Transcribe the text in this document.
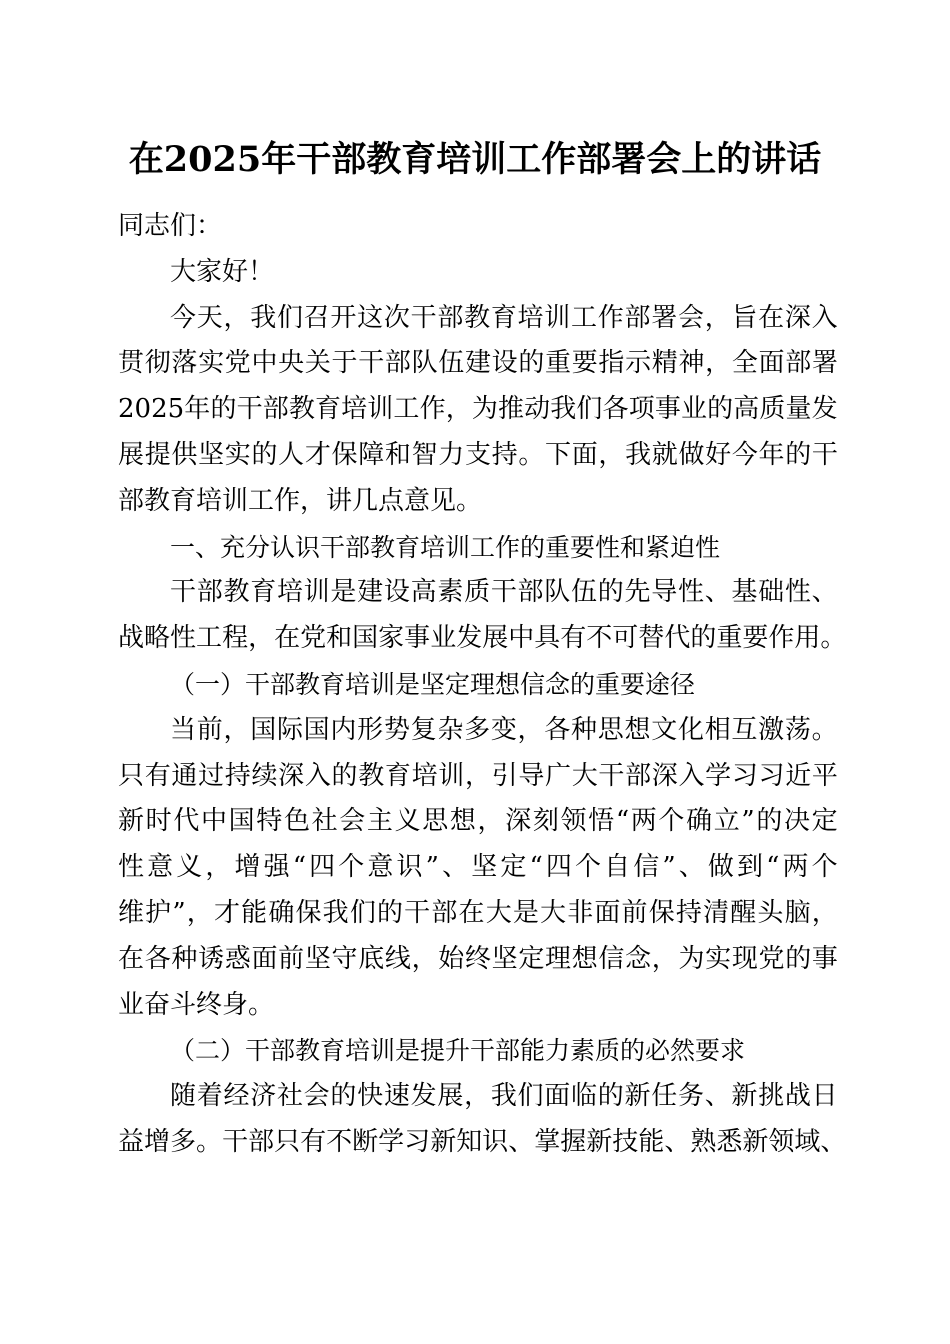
在2025年干部教育培训工作部署会上的讲话
同志们：
大家好！
今 天 ， 我 们 召 开 这 次 干 部 教 育 培 训 工 作 部 署 会 ， 旨 在 深 入
贯 彻 落 实 党 中 央 关 于 干 部 队 伍 建 设 的 重 要 指 示 精 神 ， 全 面 部 署
2025 年 的 干 部 教 育 培 训 工 作 ， 为 推 动 我 们 各 项 事 业 的 高 质 量 发
展 提 供 坚 实 的 人 才 保 障 和 智 力 支 持 。 下 面 ， 我 就 做 好 今 年 的 干
部教育培训工作，讲几点意见。
一、充分认识干部教育培训工作的重要性和紧迫性
干 部 教 育 培 训 是 建 设 高 素 质 干 部 队 伍 的 先 导 性 、 基 础 性 、
战 略 性 工 程 ， 在 党 和 国 家 事 业 发 展 中 具 有 不 可 替 代 的 重 要 作 用 。
（一）干部教育培训是坚定理想信念的重要途径
当 前 ， 国 际 国 内 形 势 复 杂 多 变 ， 各 种 思 想 文 化 相 互 激 荡 。
只 有 通 过 持 续 深 入 的 教 育 培 训 ， 引 导 广 大 干 部 深 入 学 习 习 近 平
新 时 代 中 国 特 色 社 会 主 义 思 想 ， 深 刻 领 悟 “ 两 个 确 立 ” 的 决 定
性 意 义 ， 增 强 “ 四 个 意 识 ” 、 坚 定 “ 四 个 自 信 ” 、 做 到 “ 两 个
维 护 ” ， 才 能 确 保 我 们 的 干 部 在 大 是 大 非 面 前 保 持 清 醒 头 脑 ，
在 各 种 诱 惑 面 前 坚 守 底 线 ， 始 终 坚 定 理 想 信 念 ， 为 实 现 党 的 事
业奋斗终身。
（二）干部教育培训是提升干部能力素质的必然要求
随 着 经 济 社 会 的 快 速 发 展 ， 我 们 面 临 的 新 任 务 、 新 挑 战 日
益 增 多 。 干 部 只 有 不 断 学 习 新 知 识 、 掌 握 新 技 能 、 熟 悉 新 领 域 、
